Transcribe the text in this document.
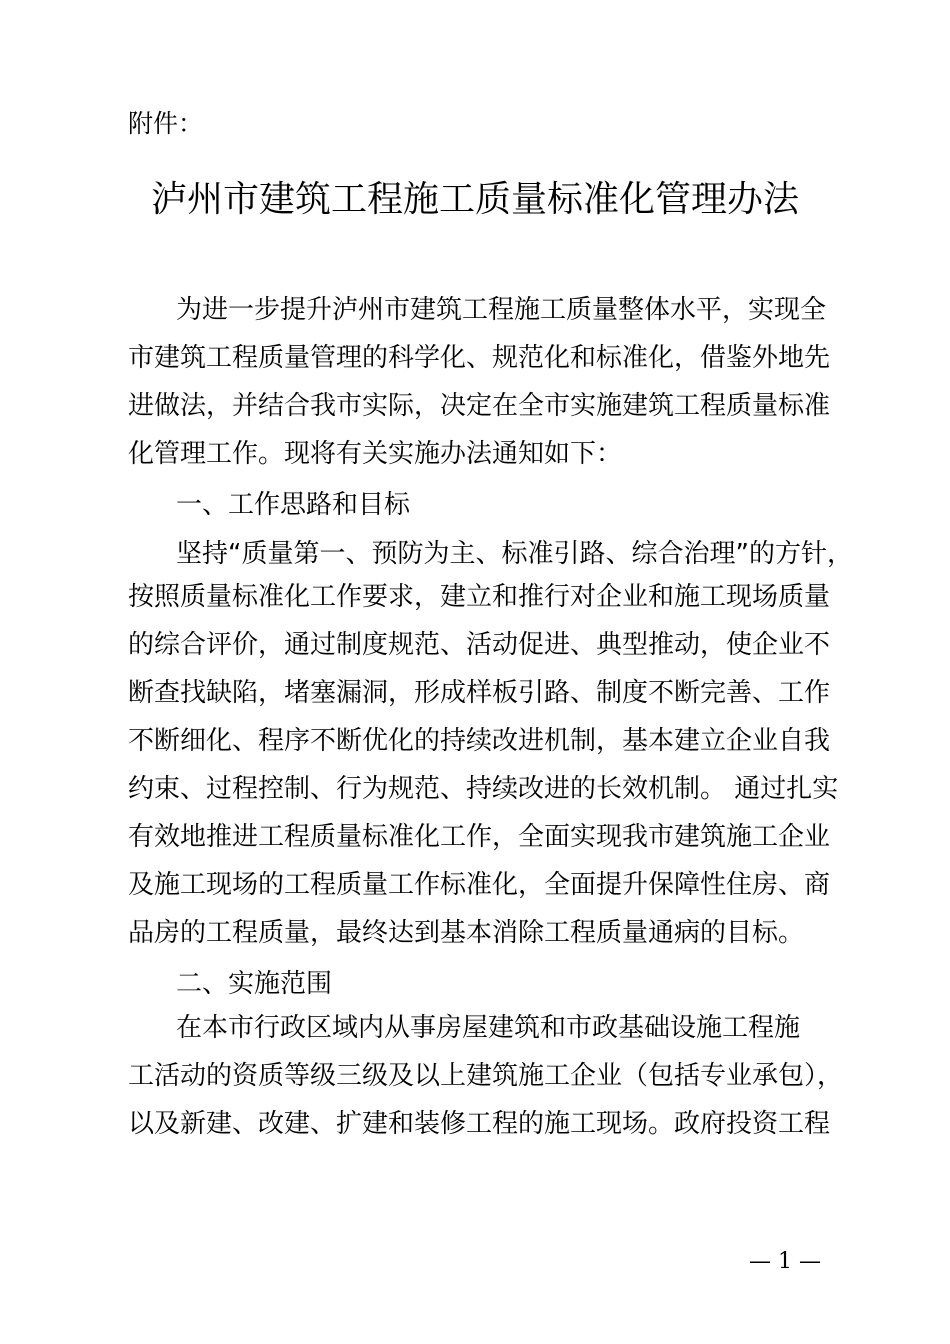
附件：
泸州市建筑工程施工质量标准化管理办法
为进一步提升泸州市建筑工程施工质量整体水平，实现全
市建筑工程质量管理的科学化、规范化和标准化，借鉴外地先
进做法，并结合我市实际，决定在全市实施建筑工程质量标准
化管理工作。现将有关实施办法通知如下：
一、工作思路和目标
坚持“质量第一、预防为主、标准引路、综合治理”的方针，
按照质量标准化工作要求，建立和推行对企业和施工现场质量
的综合评价，通过制度规范、活动促进、典型推动，使企业不
断查找缺陷，堵塞漏洞，形成样板引路、制度不断完善、工作
不断细化、程序不断优化的持续改进机制，基本建立企业自我
约束、过程控制、行为规范、持续改进的长效机制。 通过扎实
有效地推进工程质量标准化工作，全面实现我市建筑施工企业
及施工现场的工程质量工作标准化，全面提升保障性住房、商
品房的工程质量，最终达到基本消除工程质量通病的目标。
二、实施范围
在本市行政区域内从事房屋建筑和市政基础设施工程施
工活动的资质等级三级及以上建筑施工企业（包括专业承包），
以及新建、改建、扩建和装修工程的施工现场。政府投资工程
— 1 —
